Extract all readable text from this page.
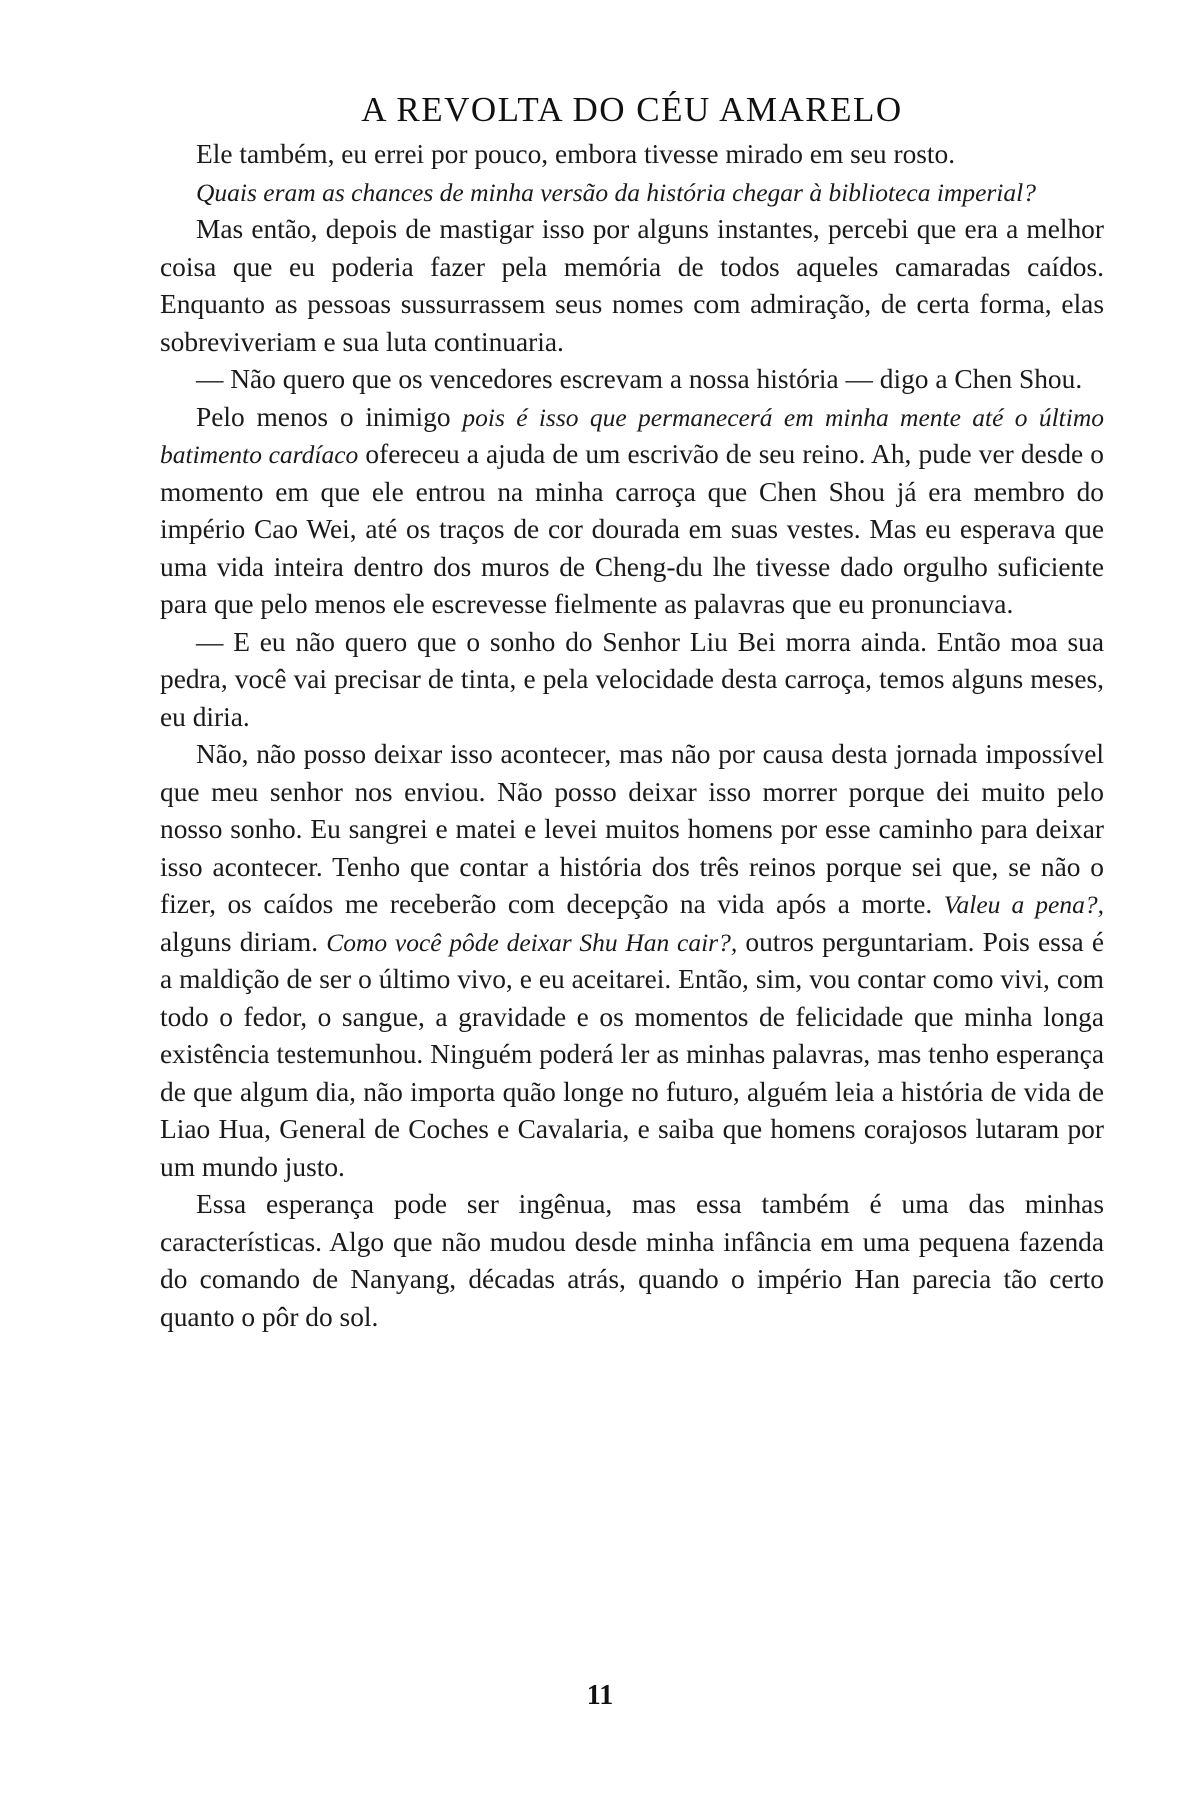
A REVOLTA DO CÉU AMARELO

Ele também, eu errei por pouco, embora tivesse mirado em seu rosto.

Quais eram as chances de minha versão da história chegar à biblioteca imperial?

Mas então, depois de mastigar isso por alguns instantes, percebi que era a melhor coisa que eu poderia fazer pela memória de todos aqueles camaradas caídos. Enquanto as pessoas sussurrassem seus nomes com admiração, de certa forma, elas sobreviveriam e sua luta continuaria.

— Não quero que os vencedores escrevam a nossa história — digo a Chen Shou.

Pelo menos o inimigo pois é isso que permanecerá em minha mente até o último batimento cardíaco ofereceu a ajuda de um escrivão de seu reino. Ah, pude ver desde o momento em que ele entrou na minha carroça que Chen Shou já era membro do império Cao Wei, até os traços de cor dourada em suas vestes. Mas eu esperava que uma vida inteira dentro dos muros de Cheng-du lhe tivesse dado orgulho suficiente para que pelo menos ele escrevesse fielmente as palavras que eu pronunciava.

— E eu não quero que o sonho do Senhor Liu Bei morra ainda. Então moa sua pedra, você vai precisar de tinta, e pela velocidade desta carroça, temos alguns meses, eu diria.

Não, não posso deixar isso acontecer, mas não por causa desta jornada impossível que meu senhor nos enviou. Não posso deixar isso morrer porque dei muito pelo nosso sonho. Eu sangrei e matei e levei muitos homens por esse caminho para deixar isso acontecer. Tenho que contar a história dos três reinos porque sei que, se não o fizer, os caídos me receberão com decepção na vida após a morte. Valeu a pena?, alguns diriam. Como você pôde deixar Shu Han cair?, outros perguntariam. Pois essa é a maldição de ser o último vivo, e eu aceitarei. Então, sim, vou contar como vivi, com todo o fedor, o sangue, a gravidade e os momentos de felicidade que minha longa existência testemunhou. Ninguém poderá ler as minhas palavras, mas tenho esperança de que algum dia, não importa quão longe no futuro, alguém leia a história de vida de Liao Hua, General de Coches e Cavalaria, e saiba que homens corajosos lutaram por um mundo justo.

Essa esperança pode ser ingênua, mas essa também é uma das minhas características. Algo que não mudou desde minha infância em uma pequena fazenda do comando de Nanyang, décadas atrás, quando o império Han parecia tão certo quanto o pôr do sol.

11
